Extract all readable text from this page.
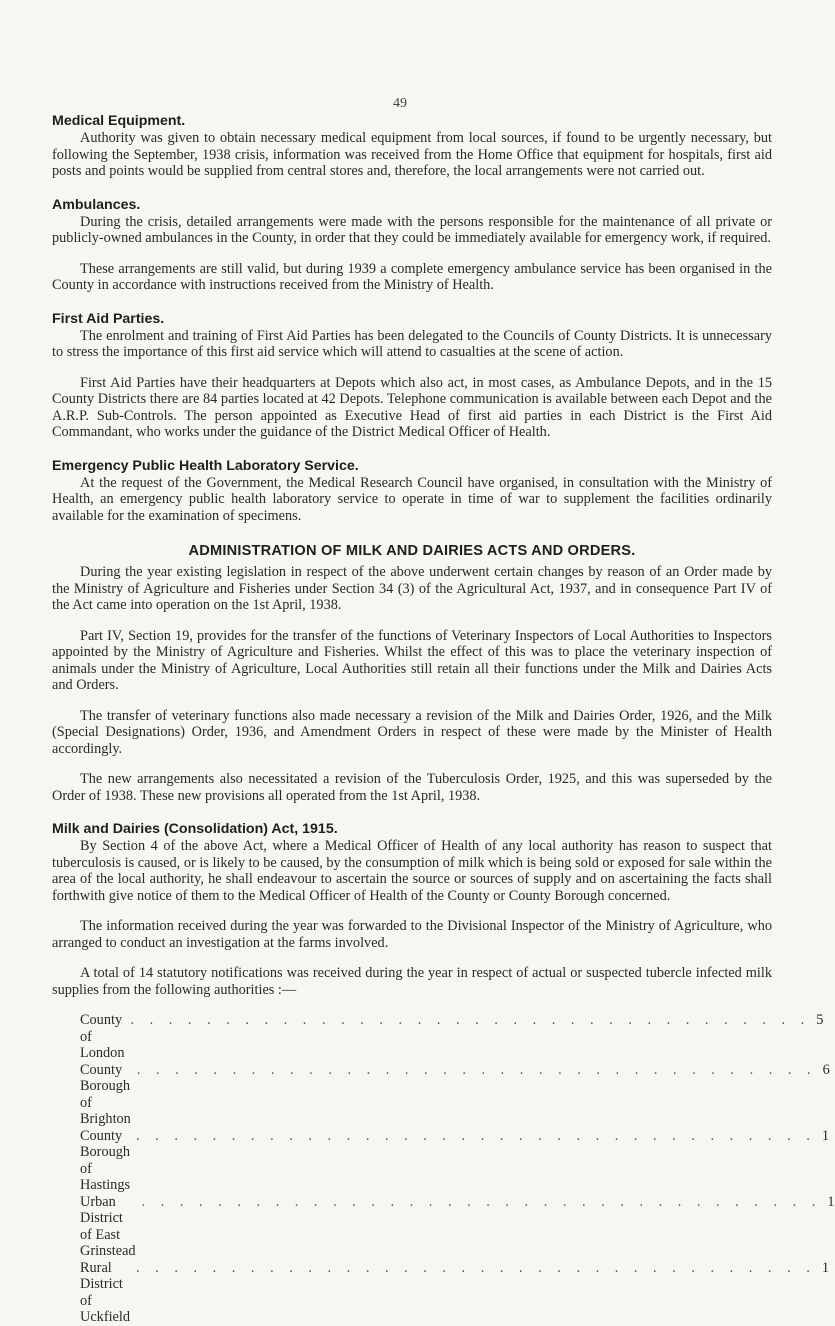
49
Medical Equipment.

Authority was given to obtain necessary medical equipment from local sources, if found to be urgently necessary, but following the September, 1938 crisis, information was received from the Home Office that equipment for hospitals, first aid posts and points would be supplied from central stores and, therefore, the local arrangements were not carried out.

Ambulances.

During the crisis, detailed arrangements were made with the persons responsible for the maintenance of all private or publicly-owned ambulances in the County, in order that they could be immediately available for emergency work, if required.

These arrangements are still valid, but during 1939 a complete emergency ambulance service has been organised in the County in accordance with instructions received from the Ministry of Health.

First Aid Parties.

The enrolment and training of First Aid Parties has been delegated to the Councils of County Districts. It is unnecessary to stress the importance of this first aid service which will attend to casualties at the scene of action.

First Aid Parties have their headquarters at Depots which also act, in most cases, as Ambulance Depots, and in the 15 County Districts there are 84 parties located at 42 Depots. Telephone communication is available between each Depot and the A.R.P. Sub-Controls. The person appointed as Executive Head of first aid parties in each District is the First Aid Commandant, who works under the guidance of the District Medical Officer of Health.

Emergency Public Health Laboratory Service.

At the request of the Government, the Medical Research Council have organised, in consultation with the Ministry of Health, an emergency public health laboratory service to operate in time of war to supplement the facilities ordinarily available for the examination of specimens.

ADMINISTRATION OF MILK AND DAIRIES ACTS AND ORDERS.

During the year existing legislation in respect of the above underwent certain changes by reason of an Order made by the Ministry of Agriculture and Fisheries under Section 34 (3) of the Agricultural Act, 1937, and in consequence Part IV of the Act came into operation on the 1st April, 1938.

Part IV, Section 19, provides for the transfer of the functions of Veterinary Inspectors of Local Authorities to Inspectors appointed by the Ministry of Agriculture and Fisheries. Whilst the effect of this was to place the veterinary inspection of animals under the Ministry of Agriculture, Local Authorities still retain all their functions under the Milk and Dairies Acts and Orders.

The transfer of veterinary functions also made necessary a revision of the Milk and Dairies Order, 1926, and the Milk (Special Designations) Order, 1936, and Amendment Orders in respect of these were made by the Minister of Health accordingly.

The new arrangements also necessitated a revision of the Tuberculosis Order, 1925, and this was superseded by the Order of 1938. These new provisions all operated from the 1st April, 1938.

Milk and Dairies (Consolidation) Act, 1915.

By Section 4 of the above Act, where a Medical Officer of Health of any local authority has reason to suspect that tuberculosis is caused, or is likely to be caused, by the consumption of milk which is being sold or exposed for sale within the area of the local authority, he shall endeavour to ascertain the source or sources of supply and on ascertaining the facts shall forthwith give notice of them to the Medical Officer of Health of the County or County Borough concerned.

The information received during the year was forwarded to the Divisional Inspector of the Ministry of Agriculture, who arranged to conduct an investigation at the farms involved.

A total of 14 statutory notifications was received during the year in respect of actual or suspected tubercle infected milk supplies from the following authorities :—

County of London
. . . . . . . . . . . . . . . . . . . . . . . . . . . . . . . . . . . . 5
County Borough of Brighton
. . . . . . . . . . . . . . . . . . . . . . . . . . . . . . . . . . . . 6
County Borough of Hastings
. . . . . . . . . . . . . . . . . . . . . . . . . . . . . . . . . . . . 1
Urban District of East Grinstead
. . . . . . . . . . . . . . . . . . . . . . . . . . . . . . . . . . . . 1
Rural District of Uckfield
. . . . . . . . . . . . . . . . . . . . . . . . . . . . . . . . . . . . 1
